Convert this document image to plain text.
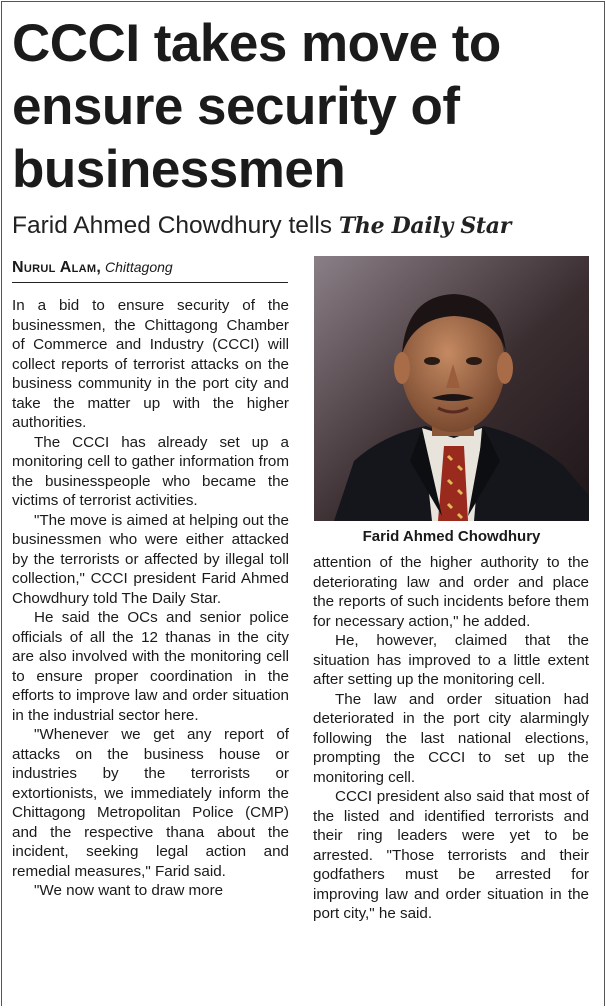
CCCI takes move to ensure security of businessmen
Farid Ahmed Chowdhury tells The Daily Star
Nurul Alam, Chittagong

In a bid to ensure security of the businessmen, the Chittagong Chamber of Commerce and Industry (CCCI) will collect reports of terrorist attacks on the business community in the port city and take the matter up with the higher authorities.

The CCCI has already set up a monitoring cell to gather information from the businesspeople who became the victims of terrorist activities.

"The move is aimed at helping out the businessmen who were either attacked by the terrorists or affected by illegal toll collection," CCCI president Farid Ahmed Chowdhury told The Daily Star.

He said the OCs and senior police officials of all the 12 thanas in the city are also involved with the monitoring cell to ensure proper coordination in the efforts to improve law and order situation in the industrial sector here.

"Whenever we get any report of attacks on the business house or industries by the terrorists or extortionists, we immediately inform the Chittagong Metropolitan Police (CMP) and the respective thana about the incident, seeking legal action and remedial measures," Farid said.

"We now want to draw more

Farid Ahmed Chowdhury

attention of the higher authority to the deteriorating law and order and place the reports of such incidents before them for necessary action," he added.

He, however, claimed that the situation has improved to a little extent after setting up the monitoring cell.

The law and order situation had deteriorated in the port city alarmingly following the last national elections, prompting the CCCI to set up the monitoring cell.

CCCI president also said that most of the listed and identified terrorists and their ring leaders were yet to be arrested. "Those terrorists and their godfathers must be arrested for improving law and order situation in the port city," he said.
